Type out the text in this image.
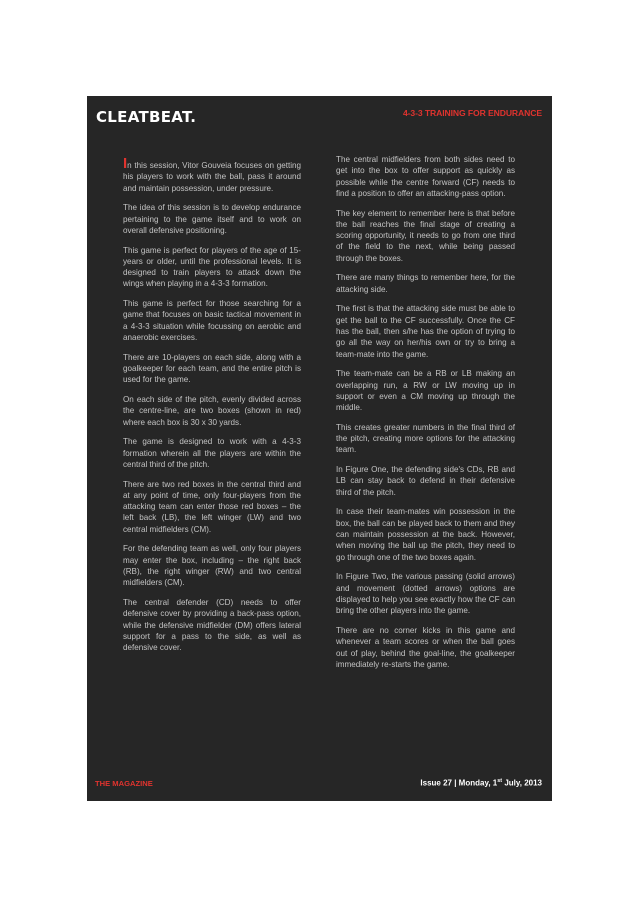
CLEATBEAT.	4-3-3 TRAINING FOR ENDURANCE

In this session, Vitor Gouveia focuses on getting his players to work with the ball, pass it around and maintain possession, under pressure.

The idea of this session is to develop endurance pertaining to the game itself and to work on overall defensive positioning.

This game is perfect for players of the age of 15-years or older, until the professional levels. It is designed to train players to attack down the wings when playing in a 4-3-3 formation.

This game is perfect for those searching for a game that focuses on basic tactical movement in a 4-3-3 situation while focussing on aerobic and anaerobic exercises.

There are 10-players on each side, along with a goalkeeper for each team, and the entire pitch is used for the game.

On each side of the pitch, evenly divided across the centre-line, are two boxes (shown in red) where each box is 30 x 30 yards.

The game is designed to work with a 4-3-3 formation wherein all the players are within the central third of the pitch.

There are two red boxes in the central third and at any point of time, only four-players from the attacking team can enter those red boxes – the left back (LB), the left winger (LW) and two central midfielders (CM).

For the defending team as well, only four players may enter the box, including – the right back (RB), the right winger (RW) and two central midfielders (CM).

The central defender (CD) needs to offer defensive cover by providing a back-pass option, while the defensive midfielder (DM) offers lateral support for a pass to the side, as well as defensive cover.

The central midfielders from both sides need to get into the box to offer support as quickly as possible while the centre forward (CF) needs to find a position to offer an attacking-pass option.

The key element to remember here is that before the ball reaches the final stage of creating a scoring opportunity, it needs to go from one third of the field to the next, while being passed through the boxes.

There are many things to remember here, for the attacking side.

The first is that the attacking side must be able to get the ball to the CF successfully. Once the CF has the ball, then s/he has the option of trying to go all the way on her/his own or try to bring a team-mate into the game.

The team-mate can be a RB or LB making an overlapping run, a RW or LW moving up in support or even a CM moving up through the middle.

This creates greater numbers in the final third of the pitch, creating more options for the attacking team.

In Figure One, the defending side's CDs, RB and LB can stay back to defend in their defensive third of the pitch.

In case their team-mates win possession in the box, the ball can be played back to them and they can maintain possession at the back. However, when moving the ball up the pitch, they need to go through one of the two boxes again.

In Figure Two, the various passing (solid arrows) and movement (dotted arrows) options are displayed to help you see exactly how the CF can bring the other players into the game.

There are no corner kicks in this game and whenever a team scores or when the ball goes out of play, behind the goal-line, the goalkeeper immediately re-starts the game.

THE MAGAZINE	Issue 27 | Monday, 1st July, 2013
